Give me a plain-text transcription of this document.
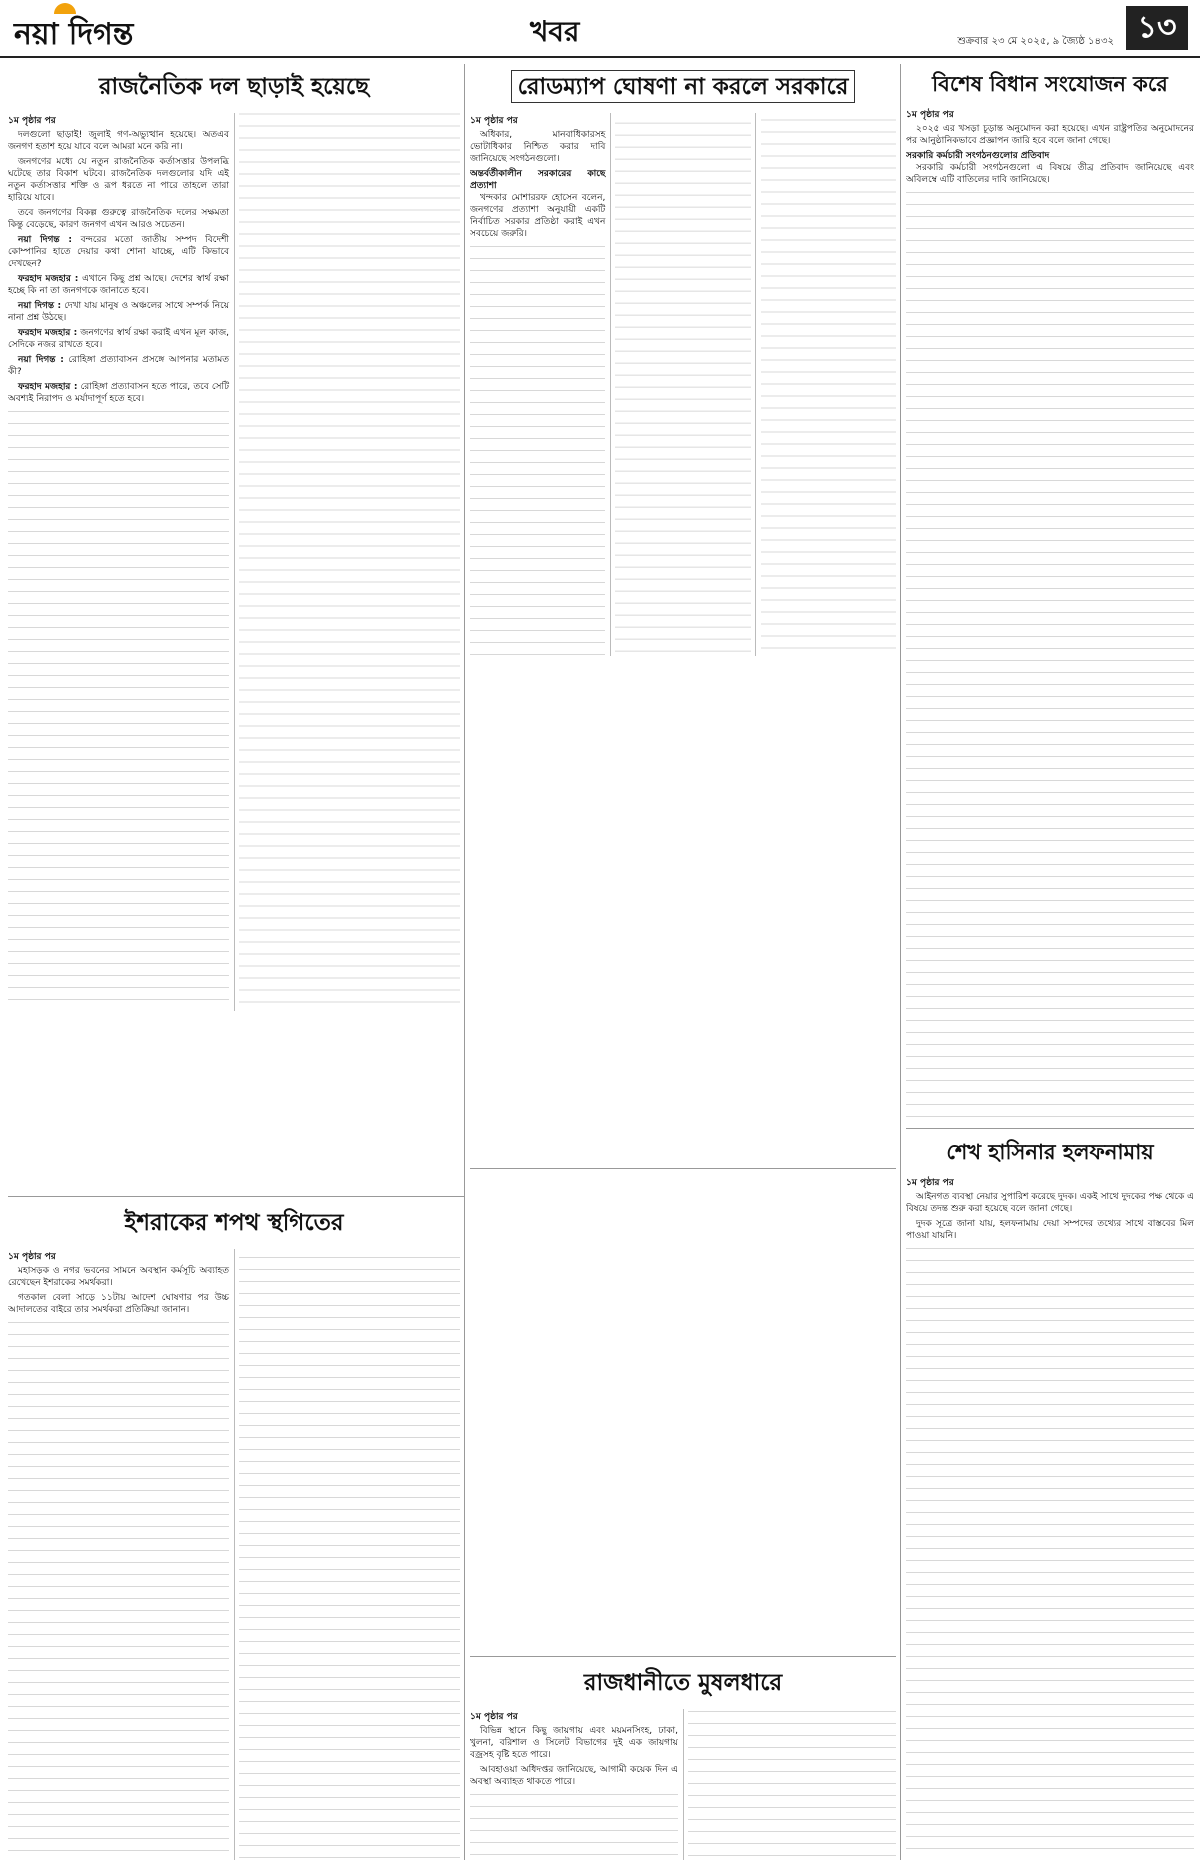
নয়া দিগন্ত	খবর	শুক্রবার ২৩ মে ২০২৫, ৯ জ্যৈষ্ঠ ১৪৩২ ১৩
রাজনৈতিক দল ছাড়াই হয়েছে
১ম পৃষ্ঠার পর

দলগুলো ছাড়াই! জুলাই গণ-অভ্যুত্থান হয়েছে। অতএব জনগণ হতাশ হয়ে যাবে বলে আমরা মনে করি না।

জনগণের মধ্যে যে নতুন রাজনৈতিক কর্তাসত্তার উপলব্ধি ঘটেছে তার বিকাশ ঘটবে। রাজনৈতিক দলগুলোর যদি এই নতুন কর্তাসত্তার শক্তি ও রূপ ধরতে না পারে তাহলে তারা হারিয়ে যাবে।

তবে জনগণের বিকল্প গুরুত্বে রাজনৈতিক দলের সক্ষমতা কিন্তু বেড়েছে, কারণ জনগণ এখন আরও সচেতন।

নয়া দিগন্ত : বন্দরের মতো জাতীয় সম্পদ বিদেশী কোম্পানির হাতে দেয়ার কথা শোনা যাচ্ছে, এটি কিভাবে দেখছেন?

ফরহাদ মজহার : এখানে কিছু প্রশ্ন আছে। দেশের স্বার্থ রক্ষা হচ্ছে কি না তা জনগণকে জানাতে হবে।

নয়া দিগন্ত : দেখা যায় মানুষ ও অঞ্চলের সাথে সম্পর্ক নিয়ে নানা প্রশ্ন উঠছে।

ফরহাদ মজহার : জনগণের স্বার্থ রক্ষা করাই এখন মূল কাজ, সেদিকে নজর রাখতে হবে।

নয়া দিগন্ত : রোহিঙ্গা প্রত্যাবাসন প্রসঙ্গে আপনার মতামত কী?

ফরহাদ মজহার : রোহিঙ্গা প্রত্যাবাসন হতে পারে, তবে সেটি অবশ্যই নিরাপদ ও মর্যাদাপূর্ণ হতে হবে।

রোডম্যাপ ঘোষণা না করলে সরকারে
১ম পৃষ্ঠার পর

অধিকার, মানবাধিকারসহ ভোটাধিকার নিশ্চিত করার দাবি জানিয়েছে সংগঠনগুলো।

অন্তর্বর্তীকালীন সরকারের কাছে প্রত্যাশা

খন্দকার মোশাররফ হোসেন বলেন, জনগণের প্রত্যাশা অনুযায়ী একটি নির্বাচিত সরকার প্রতিষ্ঠা করাই এখন সবচেয়ে জরুরি।

বিশেষ বিধান সংযোজন করে
১ম পৃষ্ঠার পর

২০২৫ এর খসড়া চূড়ান্ত অনুমোদন করা হয়েছে। এখন রাষ্ট্রপতির অনুমোদনের পর আনুষ্ঠানিকভাবে প্রজ্ঞাপন জারি হবে বলে জানা গেছে।

সরকারি কর্মচারী সংগঠনগুলোর প্রতিবাদ

সরকারি কর্মচারী সংগঠনগুলো এ বিষয়ে তীব্র প্রতিবাদ জানিয়েছে এবং অবিলম্বে এটি বাতিলের দাবি জানিয়েছে।

শেখ হাসিনার হলফনামায়
১ম পৃষ্ঠার পর

আইনগত ব্যবস্থা নেয়ার সুপারিশ করেছে দুদক। একই সাথে দুদকের পক্ষ থেকে এ বিষয়ে তদন্ত শুরু করা হয়েছে বলে জানা গেছে।

দুদক সূত্রে জানা যায়, হলফনামায় দেয়া সম্পদের তথ্যের সাথে বাস্তবের মিল পাওয়া যায়নি।

ইশরাকের শপথ স্থগিতের
১ম পৃষ্ঠার পর

মহাসড়ক ও নগর ভবনের সামনে অবস্থান কর্মসূচি অব্যাহত রেখেছেন ইশরাকের সমর্থকরা।

গতকাল বেলা সাড়ে ১১টায় আদেশ ঘোষণার পর উচ্চ আদালতের বাইরে তার সমর্থকরা প্রতিক্রিয়া জানান।

রাজধানীতে মুষলধারে
১ম পৃষ্ঠার পর

বিভিন্ন স্থানে কিছু জায়গায় এবং ময়মনসিংহ, ঢাকা, খুলনা, বরিশাল ও সিলেট বিভাগের দুই এক জায়গায় বজ্রসহ বৃষ্টি হতে পারে।

আবহাওয়া অধিদপ্তর জানিয়েছে, আগামী কয়েক দিন এ অবস্থা অব্যাহত থাকতে পারে।
